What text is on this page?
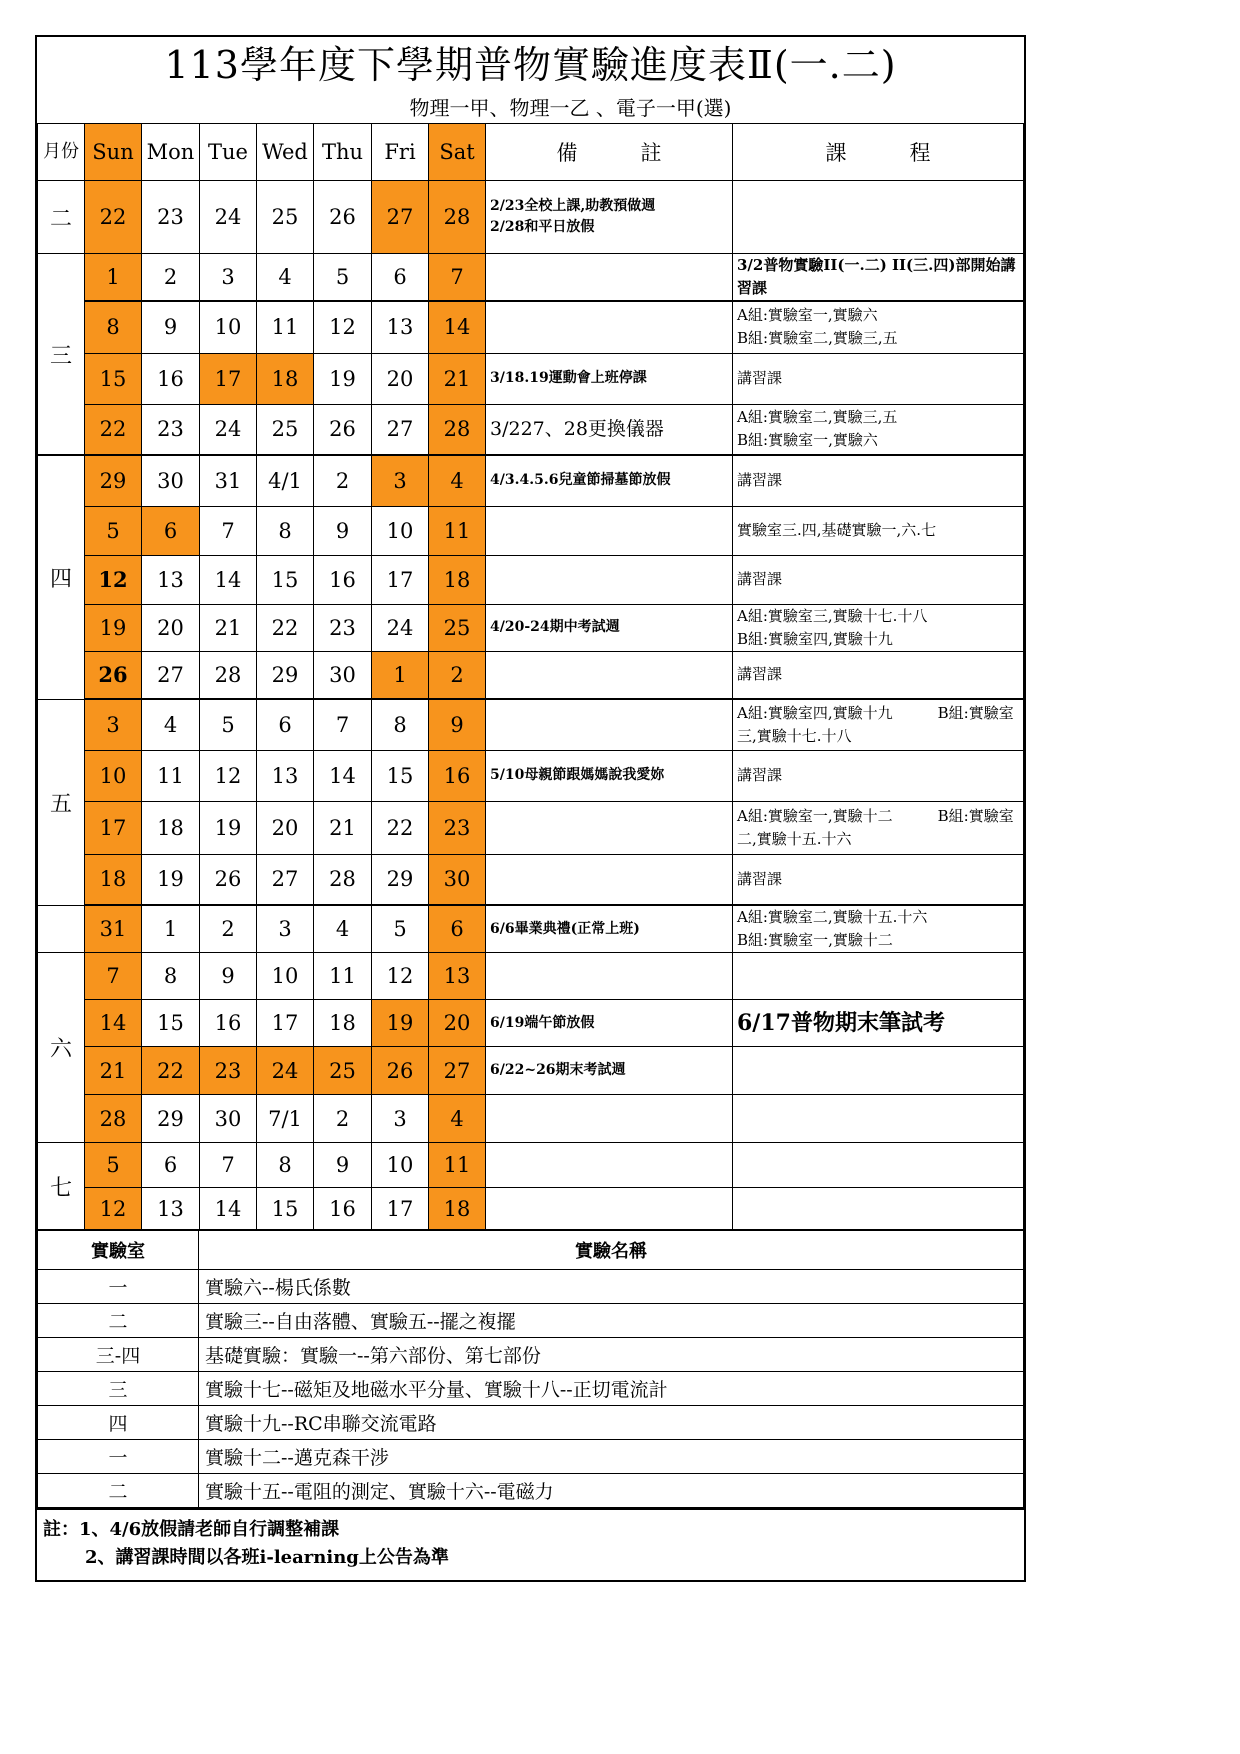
113學年度下學期普物實驗進度表Ⅱ(一.二)
物理一甲、物理一乙 、電子一甲(選)
月份	Sun	Mon	Tue	Wed	Thu	Fri	Sat	備　　　註	課　　　程
二	22	23	24	25	26	27	28	2/23全校上課,助教預做週
2/28和平日放假	
三	1	2	3	4	5	6	7		3/2普物實驗II(一.二) II(三.四)部開始講習課
	8	9	10	11	12	13	14		A組:實驗室一,實驗六
B組:實驗室二,實驗三,五
	15	16	17	18	19	20	21	3/18.19運動會上班停課	講習課
	22	23	24	25	26	27	28	3/227、28更換儀器	A組:實驗室二,實驗三,五
B組:實驗室一,實驗六
四	29	30	31	4/1	2	3	4	4/3.4.5.6兒童節掃墓節放假	講習課
	5	6	7	8	9	10	11		實驗室三.四,基礎實驗一,六.七
	12	13	14	15	16	17	18		講習課
	19	20	21	22	23	24	25	4/20-24期中考試週	A組:實驗室三,實驗十七.十八
B組:實驗室四,實驗十九
	26	27	28	29	30	1	2		講習課
五	3	4	5	6	7	8	9		A組:實驗室四,實驗十九　　　B組:實驗室三,實驗十七.十八
	10	11	12	13	14	15	16	5/10母親節跟媽媽說我愛妳	講習課
	17	18	19	20	21	22	23		A組:實驗室一,實驗十二　　　B組:實驗室二,實驗十五.十六
	18	19	26	27	28	29	30		講習課
	31	1	2	3	4	5	6	6/6畢業典禮(正常上班)	A組:實驗室二,實驗十五.十六
B組:實驗室一,實驗十二
六	7	8	9	10	11	12	13		
	14	15	16	17	18	19	20	6/19端午節放假	6/17普物期末筆試考
	21	22	23	24	25	26	27	6/22~26期末考試週	
	28	29	30	7/1	2	3	4		
七	5	6	7	8	9	10	11		
	12	13	14	15	16	17	18		
實驗室	實驗名稱
一	實驗六--楊氏係數
二	實驗三--自由落體、實驗五--擺之複擺
三-四	基礎實驗：實驗一--第六部份、第七部份
三	實驗十七--磁矩及地磁水平分量、實驗十八--正切電流計
四	實驗十九--RC串聯交流電路
一	實驗十二--邁克森干涉
二	實驗十五--電阻的測定、實驗十六--電磁力
註：1、4/6放假請老師自行調整補課
2、講習課時間以各班i-learning上公告為準
